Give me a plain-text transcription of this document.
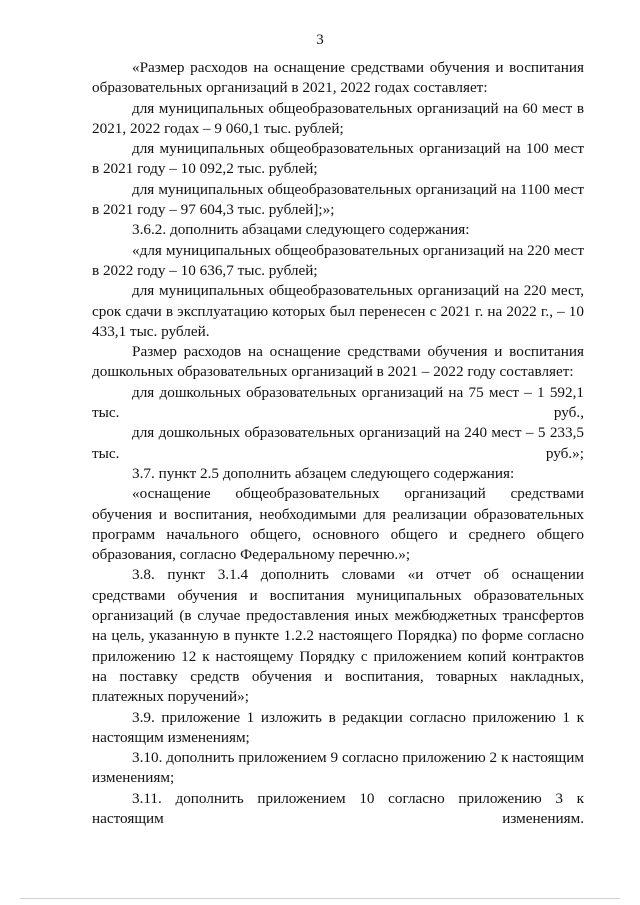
3

«Размер расходов на оснащение средствами обучения и воспитания образовательных организаций в 2021, 2022 годах составляет:

для муниципальных общеобразовательных организаций на 60 мест в 2021, 2022 годах – 9 060,1 тыс. рублей;

для муниципальных общеобразовательных организаций на 100 мест в 2021 году – 10 092,2 тыс. рублей;

для муниципальных общеобразовательных организаций на 1100 мест в 2021 году – 97 604,3 тыс. рублей];»;

3.6.2. дополнить абзацами следующего содержания:

«для муниципальных общеобразовательных организаций на 220 мест в 2022 году – 10 636,7 тыс. рублей;

для муниципальных общеобразовательных организаций на 220 мест, срок сдачи в эксплуатацию которых был перенесен с 2021 г. на 2022 г., – 10 433,1 тыс. рублей.

Размер расходов на оснащение средствами обучения и воспитания дошкольных образовательных организаций в 2021 – 2022 году составляет:

для дошкольных образовательных организаций на 75 мест – 1 592,1 тыс. руб.,

для дошкольных образовательных организаций на 240 мест – 5 233,5 тыс. руб.»;

3.7. пункт 2.5 дополнить абзацем следующего содержания:

«оснащение общеобразовательных организаций средствами обучения и воспитания, необходимыми для реализации образовательных программ начального общего, основного общего и среднего общего образования, согласно Федеральному перечню.»;

3.8. пункт 3.1.4 дополнить словами «и отчет об оснащении средствами обучения и воспитания муниципальных образовательных организаций (в случае предоставления иных межбюджетных трансфертов на цель, указанную в пункте 1.2.2 настоящего Порядка) по форме согласно приложению 12 к настоящему Порядку с приложением копий контрактов на поставку средств обучения и воспитания, товарных накладных, платежных поручений»;

3.9. приложение 1 изложить в редакции согласно приложению 1 к настоящим изменениям;

3.10. дополнить приложением 9 согласно приложению 2 к настоящим изменениям;

3.11. дополнить приложением 10 согласно приложению 3 к настоящим изменениям.
